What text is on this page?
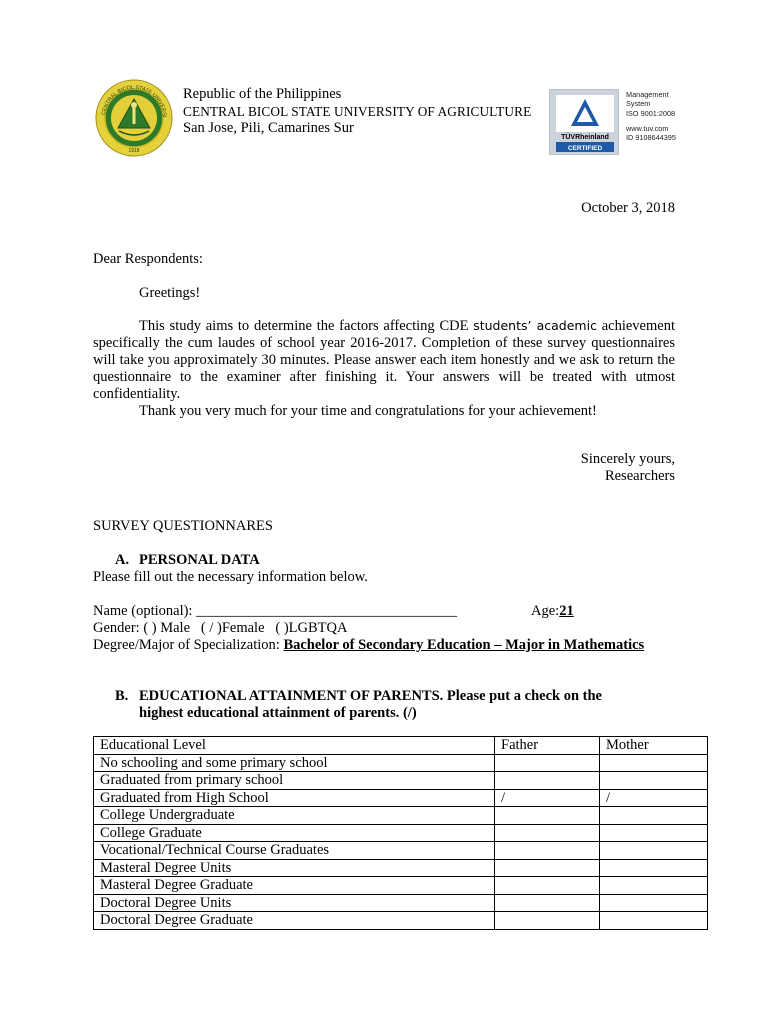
CENTRAL BICOL STATE UNIVERSI
1918
Republic of the Philippines
CENTRAL BICOL STATE UNIVERSITY OF AGRICULTURE
San Jose, Pili, Camarines Sur
TÜVRheinland
CERTIFIED
Management
System
ISO 9001:2008
www.tuv.com
ID 9108644395
October 3, 2018
Dear Respondents:
Greetings!

This study aims to determine the factors affecting CDE students’ academic achievement specifically the cum laudes of school year 2016-2017. Completion of these survey questionnaires will take you approximately 30 minutes. Please answer each item honestly and we ask to return the questionnaire to the examiner after finishing it. Your answers will be treated with utmost confidentiality.

Thank you very much for your time and congratulations for your achievement!

Sincerely yours,
Researchers
SURVEY QUESTIONNARES
A. PERSONAL DATA
Please fill out the necessary information below.
Name (optional): ____________________________________	Age:21
Gender: ( ) Male   ( / )Female   ( )LGBTQA
Degree/Major of Specialization: Bachelor of Secondary Education – Major in Mathematics
B. EDUCATIONAL ATTAINMENT OF PARENTS. Please put a check on the
highest educational attainment of parents. (/)
Educational Level	Father	Mother
No schooling and some primary school		
Graduated from primary school		
Graduated from High School	/	/
College Undergraduate		
College Graduate		
Vocational/Technical Course Graduates		
Masteral Degree Units		
Masteral Degree Graduate		
Doctoral Degree Units		
Doctoral Degree Graduate		
